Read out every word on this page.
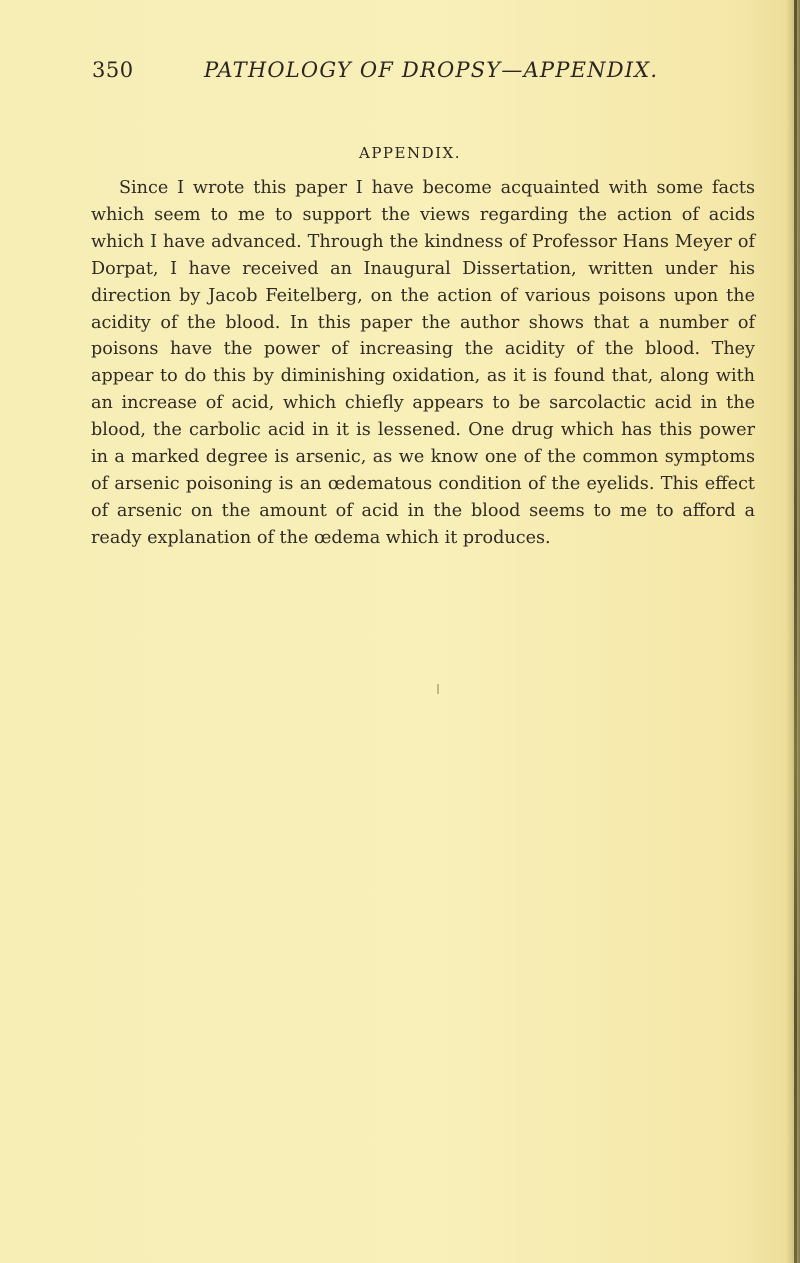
350	PATHOLOGY OF DROPSY—APPENDIX.
APPENDIX.

Since I wrote this paper I have become acquainted with some facts which seem to me to support the views regarding the action of acids which I have advanced. Through the kindness of Professor Hans Meyer of Dorpat, I have received an Inaugural Dissertation, written under his direction by Jacob Feitelberg, on the action of various poisons upon the acidity of the blood. In this paper the author shows that a number of poisons have the power of increasing the acidity of the blood. They appear to do this by diminishing oxidation, as it is found that, along with an increase of acid, which chiefly appears to be sarcolactic acid in the blood, the carbolic acid in it is lessened. One drug which has this power in a marked degree is arsenic, as we know one of the common symptoms of arsenic poisoning is an œdematous condition of the eyelids. This effect of arsenic on the amount of acid in the blood seems to me to afford a ready explanation of the œdema which it produces.
